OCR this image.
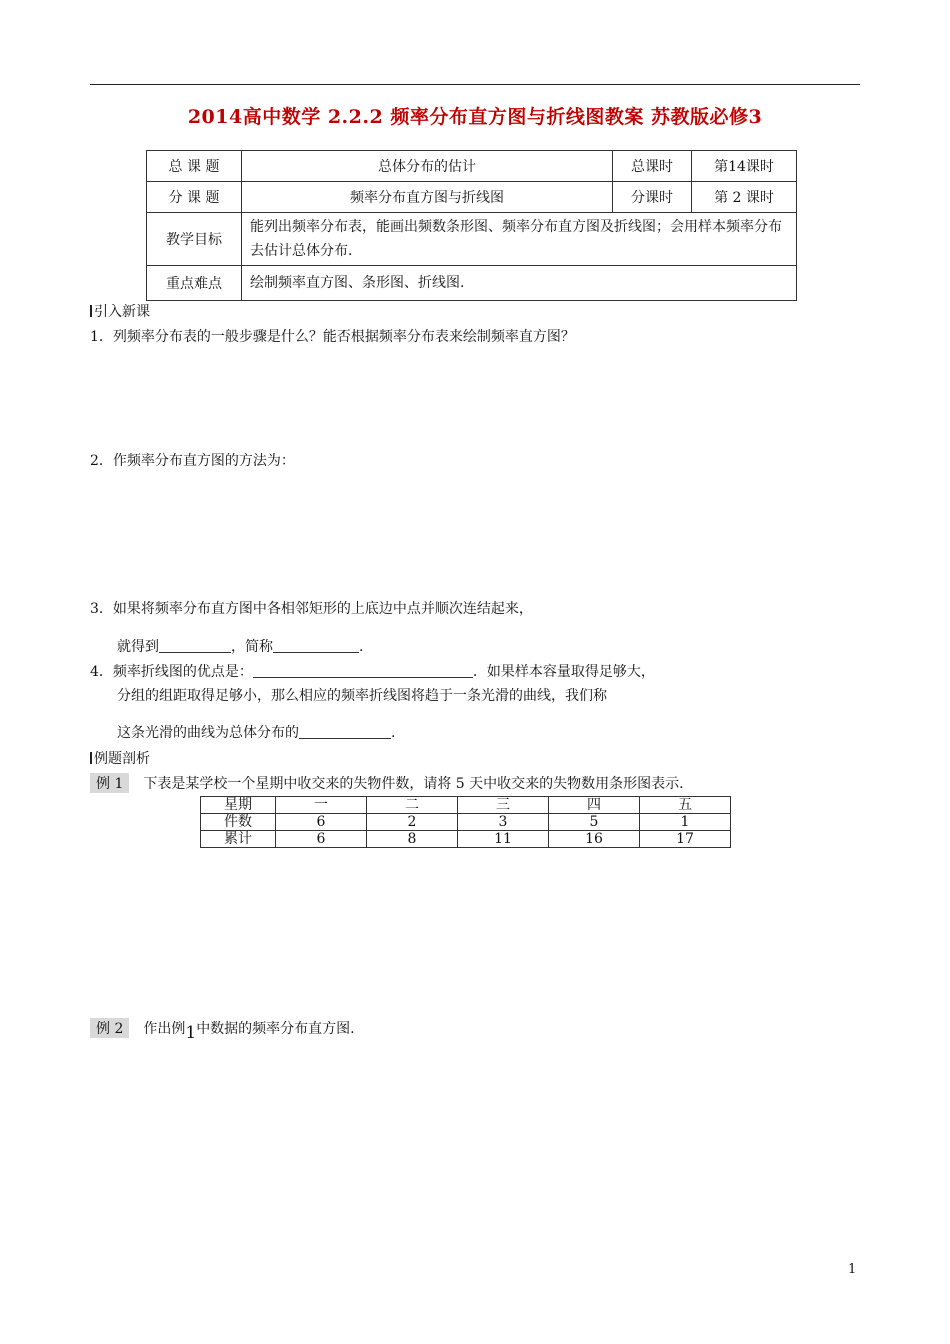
2014高中数学 2.2.2 频率分布直方图与折线图教案 苏教版必修3
总 课 题	总体分布的估计	总课时	第14课时
分 课 题	频率分布直方图与折线图	分课时	第 2 课时
教学目标	能列出频率分布表，能画出频数条形图、频率分布直方图及折线图；会用样本频率分布去估计总体分布.		
重点难点	绘制频率直方图、条形图、折线图.		
引入新课
1．列频率分布表的一般步骤是什么？能否根据频率分布表来绘制频率直方图？
2．作频率分布直方图的方法为：
3．如果将频率分布直方图中各相邻矩形的上底边中点并顺次连结起来，
就得到	，简称	.
4．频率折线图的优点是：	．如果样本容量取得足够大，
分组的组距取得足够小，那么相应的频率折线图将趋于一条光滑的曲线，我们称
这条光滑的曲线为总体分布的	.
例题剖析
例 1 下表是某学校一个星期中收交来的失物件数，请将 5 天中收交来的失物数用条形图表示.
星期	一	二	三	四	五
件数	6	2	3	5	1
累计	6	8	11	16	17
例 2 作出例1中数据的频率分布直方图.
1
